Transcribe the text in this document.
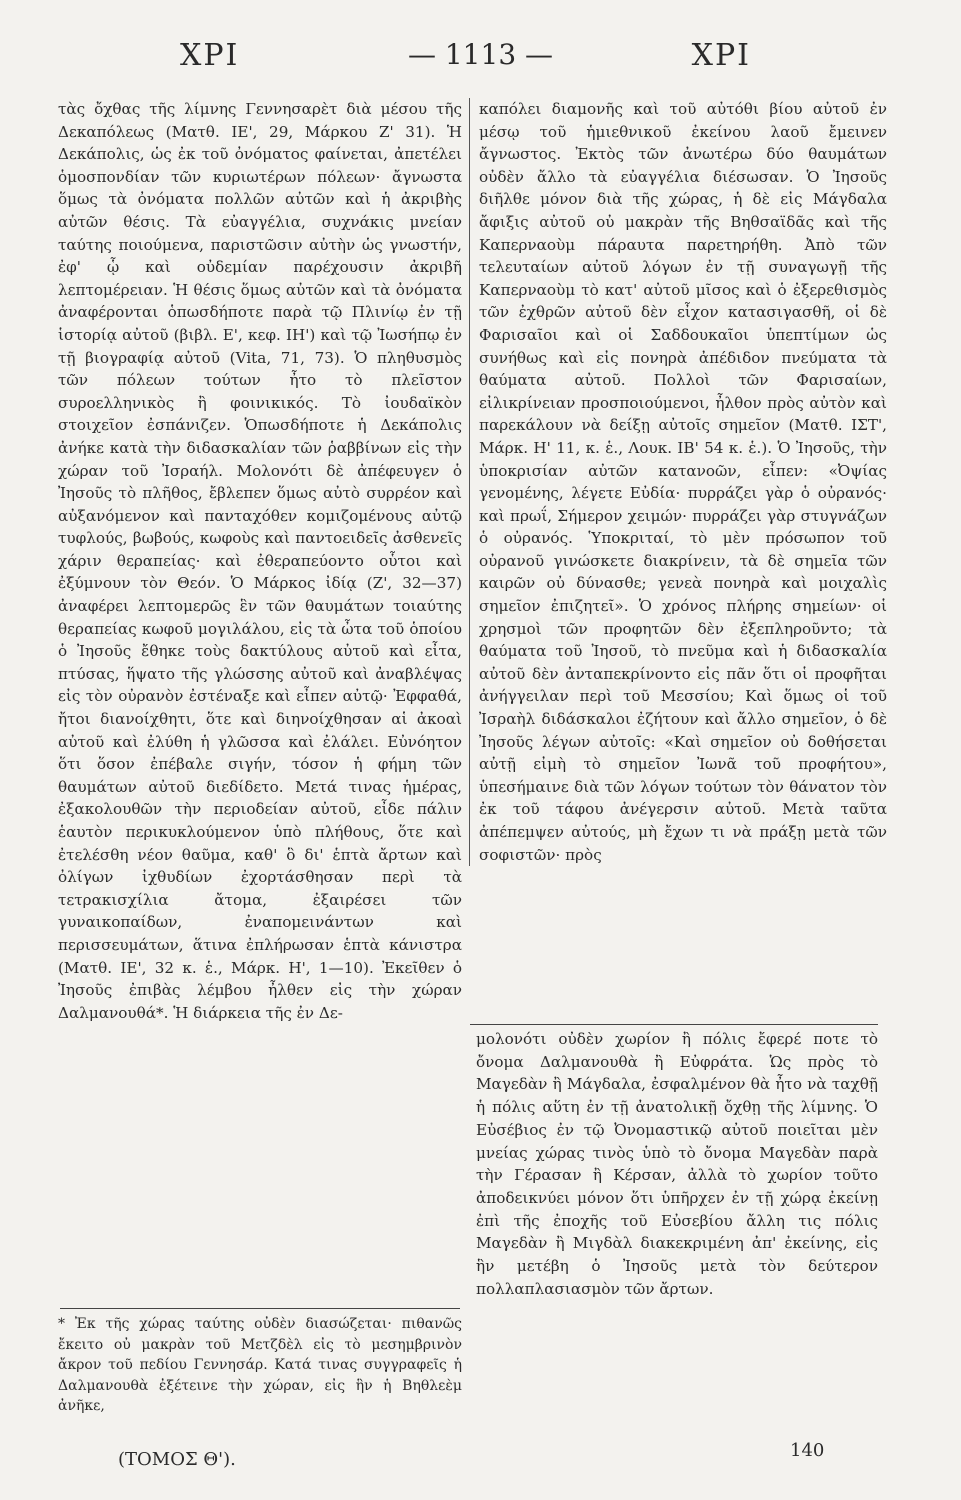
XPI	— 1113 —	XPI

τὰς ὄχθας τῆς λίμνης Γεννησαρὲτ διὰ μέσου τῆς Δεκαπόλεως (Ματθ. ΙΕ', 29, Μάρκου Ζ' 31). Ἡ Δεκάπολις, ὡς ἐκ τοῦ ὀνόματος φαίνεται, ἀπετέλει ὁμοσπονδίαν τῶν κυριωτέρων πόλεων· ἄγνωστα ὅμως τὰ ὀνόματα πολλῶν αὐτῶν καὶ ἡ ἀκριβὴς αὐτῶν θέσις. Τὰ εὐαγγέλια, συχνάκις μνείαν ταύτης ποιούμενα, παριστῶσιν αὐτὴν ὡς γνωστήν, ἐφ' ᾧ καὶ οὐδεμίαν παρέχουσιν ἀκριβῆ λεπτομέρειαν. Ἡ θέσις ὅμως αὐτῶν καὶ τὰ ὀνόματα ἀναφέρονται ὁπωσδήποτε παρὰ τῷ Πλινίῳ ἐν τῇ ἱστορίᾳ αὐτοῦ (βιβλ. Ε', κεφ. ΙΗ') καὶ τῷ Ἰωσήπῳ ἐν τῇ βιογραφίᾳ αὐτοῦ (Vita, 71, 73). Ὁ πληθυσμὸς τῶν πόλεων τούτων ἦτο τὸ πλεῖστον συροελληνικὸς ἢ φοινικικός. Τὸ ἰουδαϊκὸν στοιχεῖον ἐσπάνιζεν. Ὁπωσδήποτε ἡ Δεκάπολις ἀνήκε κατὰ τὴν διδασκαλίαν τῶν ῥαββίνων εἰς τὴν χώραν τοῦ Ἰσραήλ. Μολονότι δὲ ἀπέφευγεν ὁ Ἰησοῦς τὸ πλῆθος, ἔβλεπεν ὅμως αὐτὸ συρρέον καὶ αὐξανόμενον καὶ πανταχόθεν κομιζομένους αὐτῷ τυφλούς, βωβούς, κωφοὺς καὶ παντοειδεῖς ἀσθενεῖς χάριν θεραπείας· καὶ ἐθεραπεύοντο οὗτοι καὶ ἐξύμνουν τὸν Θεόν. Ὁ Μάρκος ἰδίᾳ (Ζ', 32—37) ἀναφέρει λεπτομερῶς ἓν τῶν θαυμάτων τοιαύτης θεραπείας κωφοῦ μογιλάλου, εἰς τὰ ὦτα τοῦ ὁποίου ὁ Ἰησοῦς ἔθηκε τοὺς δακτύλους αὐτοῦ καὶ εἶτα, πτύσας, ἥψατο τῆς γλώσσης αὐτοῦ καὶ ἀναβλέψας εἰς τὸν οὐρανὸν ἐστέναξε καὶ εἶπεν αὐτῷ· Ἐφφαθά, ἤτοι διανοίχθητι, ὅτε καὶ διηνοίχθησαν αἱ ἀκοαὶ αὐτοῦ καὶ ἐλύθη ἡ γλῶσσα καὶ ἐλάλει. Εὐνόητον ὅτι ὅσον ἐπέβαλε σιγήν, τόσον ἡ φήμη τῶν θαυμάτων αὐτοῦ διεδίδετο. Μετά τινας ἡμέρας, ἐξακολουθῶν τὴν περιοδείαν αὐτοῦ, εἶδε πάλιν ἑαυτὸν περικυκλούμενον ὑπὸ πλήθους, ὅτε καὶ ἐτελέσθη νέον θαῦμα, καθ' ὃ δι' ἑπτὰ ἄρτων καὶ ὀλίγων ἰχθυδίων ἐχορτάσθησαν περὶ τὰ τετρακισχίλια ἄτομα, ἐξαιρέσει τῶν γυναικοπαίδων, ἐναπομεινάντων καὶ περισσευμάτων, ἅτινα ἐπλήρωσαν ἑπτὰ κάνιστρα (Ματθ. ΙΕ', 32 κ. ἑ., Μάρκ. Η', 1—10). Ἐκεῖθεν ὁ Ἰησοῦς ἐπιβὰς λέμβου ἦλθεν εἰς τὴν χώραν Δαλμανουθά*. Ἡ διάρκεια τῆς ἐν Δε-

* Ἐκ τῆς χώρας ταύτης οὐδὲν διασώζεται· πιθανῶς ἔκειτο οὐ μακρὰν τοῦ Μετζδὲλ εἰς τὸ μεσημβρινὸν ἄκρον τοῦ πεδίου Γεννησάρ. Κατά τινας συγγραφεῖς ἡ Δαλμανουθὰ ἐξέτεινε τὴν χώραν, εἰς ἣν ἡ Βηθλεὲμ ἀνῆκε,

καπόλει διαμονῆς καὶ τοῦ αὐτόθι βίου αὐτοῦ ἐν μέσῳ τοῦ ἡμιεθνικοῦ ἐκείνου λαοῦ ἔμεινεν ἄγνωστος. Ἐκτὸς τῶν ἀνωτέρω δύο θαυμάτων οὐδὲν ἄλλο τὰ εὐαγγέλια διέσωσαν. Ὁ Ἰησοῦς διῆλθε μόνον διὰ τῆς χώρας, ἡ δὲ εἰς Μάγδαλα ἄφιξις αὐτοῦ οὐ μακρὰν τῆς Βηθσαϊδᾶς καὶ τῆς Καπερναοὺμ πάραυτα παρετηρήθη. Ἀπὸ τῶν τελευταίων αὐτοῦ λόγων ἐν τῇ συναγωγῇ τῆς Καπερναοὺμ τὸ κατ' αὐτοῦ μῖσος καὶ ὁ ἐξερεθισμὸς τῶν ἐχθρῶν αὐτοῦ δὲν εἶχον κατασιγασθῆ, οἱ δὲ Φαρισαῖοι καὶ οἱ Σαδδουκαῖοι ὑπεπτίμων ὡς συνήθως καὶ εἰς πονηρὰ ἀπέδιδον πνεύματα τὰ θαύματα αὐτοῦ. Πολλοὶ τῶν Φαρισαίων, εἰλικρίνειαν προσποιούμενοι, ἦλθον πρὸς αὐτὸν καὶ παρεκάλουν νὰ δείξῃ αὐτοῖς σημεῖον (Ματθ. ΙΣΤ', Μάρκ. Η' 11, κ. ἑ., Λουκ. ΙΒ' 54 κ. ἑ.). Ὁ Ἰησοῦς, τὴν ὑποκρισίαν αὐτῶν κατανοῶν, εἶπεν: «Ὀψίας γενομένης, λέγετε Εὐδία· πυρράζει γὰρ ὁ οὐρανός· καὶ πρωΐ, Σήμερον χειμών· πυρράζει γὰρ στυγνάζων ὁ οὐρανός. Ὑποκριταί, τὸ μὲν πρόσωπον τοῦ οὐρανοῦ γινώσκετε διακρίνειν, τὰ δὲ σημεῖα τῶν καιρῶν οὐ δύνασθε; γενεὰ πονηρὰ καὶ μοιχαλὶς σημεῖον ἐπιζητεῖ». Ὁ χρόνος πλήρης σημείων· οἱ χρησμοὶ τῶν προφητῶν δὲν ἐξεπληροῦντο; τὰ θαύματα τοῦ Ἰησοῦ, τὸ πνεῦμα καὶ ἡ διδασκαλία αὐτοῦ δὲν ἀνταπεκρίνοντο εἰς πᾶν ὅτι οἱ προφῆται ἀνήγγειλαν περὶ τοῦ Μεσσίου; Καὶ ὅμως οἱ τοῦ Ἰσραὴλ διδάσκαλοι ἐζήτουν καὶ ἄλλο σημεῖον, ὁ δὲ Ἰησοῦς λέγων αὐτοῖς: «Καὶ σημεῖον οὐ δοθήσεται αὐτῇ εἰμὴ τὸ σημεῖον Ἰωνᾶ τοῦ προφήτου», ὑπεσήμαινε διὰ τῶν λόγων τούτων τὸν θάνατον τὸν ἐκ τοῦ τάφου ἀνέγερσιν αὐτοῦ. Μετὰ ταῦτα ἀπέπεμψεν αὐτούς, μὴ ἔχων τι νὰ πράξῃ μετὰ τῶν σοφιστῶν· πρὸς

μολονότι οὐδὲν χωρίον ἢ πόλις ἔφερέ ποτε τὸ ὄνομα Δαλμανουθὰ ἢ Εὐφράτα. Ὡς πρὸς τὸ Μαγεδὰν ἢ Μάγδαλα, ἐσφαλμένον θὰ ἦτο νὰ ταχθῇ ἡ πόλις αὕτη ἐν τῇ ἀνατολικῇ ὄχθῃ τῆς λίμνης. Ὁ Εὐσέβιος ἐν τῷ Ὀνομαστικῷ αὐτοῦ ποιεῖται μὲν μνείας χώρας τινὸς ὑπὸ τὸ ὄνομα Μαγεδὰν παρὰ τὴν Γέρασαν ἢ Κέρσαν, ἀλλὰ τὸ χωρίον τοῦτο ἀποδεικνύει μόνον ὅτι ὑπῆρχεν ἐν τῇ χώρᾳ ἐκείνῃ ἐπὶ τῆς ἐποχῆς τοῦ Εὐσεβίου ἄλλη τις πόλις Μαγεδὰν ἢ Μιγδὰλ διακεκριμένη ἀπ' ἐκείνης, εἰς ἣν μετέβη ὁ Ἰησοῦς μετὰ τὸν δεύτερον πολλαπλασιασμὸν τῶν ἄρτων.
(ΤΟΜΟΣ Θ').	140
